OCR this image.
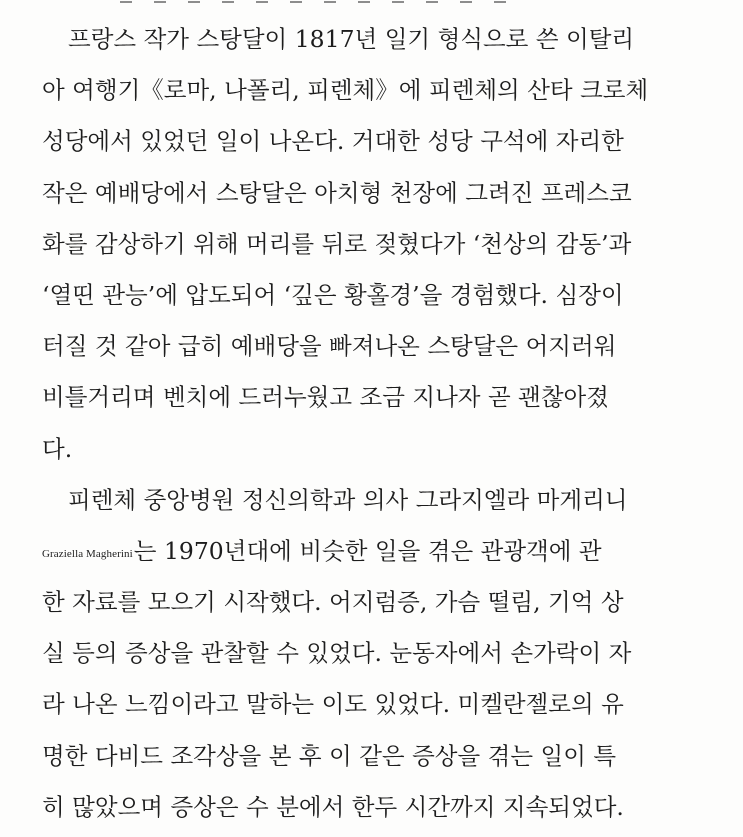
프랑스 작가 스탕달이 1817년 일기 형식으로 쓴 이탈리
아 여행기《로마, 나폴리, 피렌체》에 피렌체의 산타 크로체
성당에서 있었던 일이 나온다. 거대한 성당 구석에 자리한
작은 예배당에서 스탕달은 아치형 천장에 그려진 프레스코
화를 감상하기 위해 머리를 뒤로 젖혔다가 ‘천상의 감동’과
‘열띤 관능’에 압도되어 ‘깊은 황홀경’을 경험했다. 심장이
터질 것 같아 급히 예배당을 빠져나온 스탕달은 어지러워
비틀거리며 벤치에 드러누웠고 조금 지나자 곧 괜찮아졌
다.
피렌체 중앙병원 정신의학과 의사 그라지엘라 마게리니
Graziella Magherini는 1970년대에 비슷한 일을 겪은 관광객에 관
한 자료를 모으기 시작했다. 어지럼증, 가슴 떨림, 기억 상
실 등의 증상을 관찰할 수 있었다. 눈동자에서 손가락이 자
라 나온 느낌이라고 말하는 이도 있었다. 미켈란젤로의 유
명한 다비드 조각상을 본 후 이 같은 증상을 겪는 일이 특
히 많았으며 증상은 수 분에서 한두 시간까지 지속되었다.
